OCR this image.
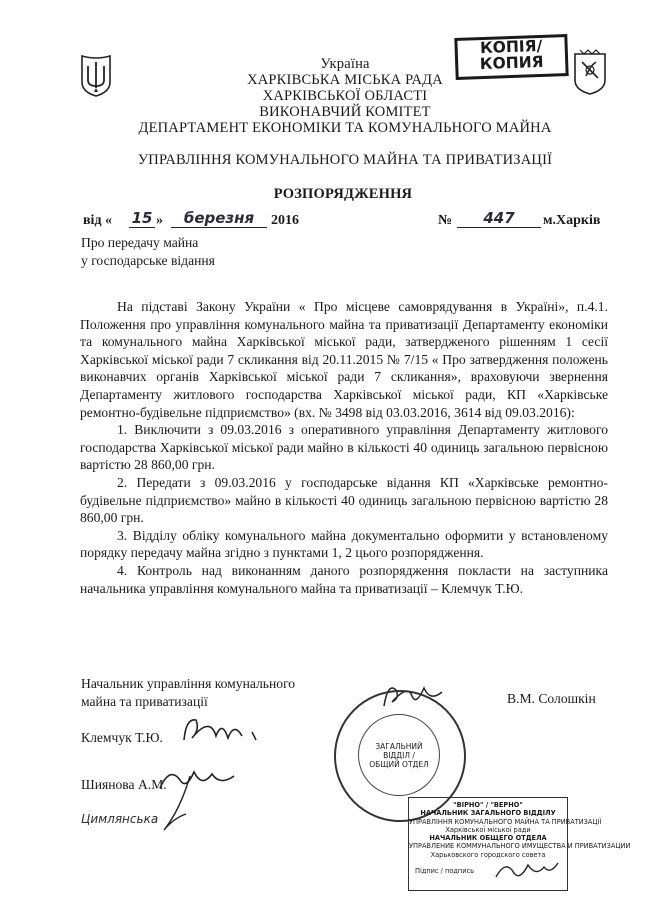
КОПІЯ/
КОПИЯ
Україна
ХАРКІВСЬКА МІСЬКА РАДА
ХАРКІВСЬКОЇ ОБЛАСТІ
ВИКОНАВЧИЙ КОМІТЕТ
ДЕПАРТАМЕНТ ЕКОНОМІКИ ТА КОМУНАЛЬНОГО МАЙНА
УПРАВЛІННЯ КОМУНАЛЬНОГО МАЙНА ТА ПРИВАТИЗАЦІЇ
РОЗПОРЯДЖЕННЯ
від « 15 »	березня	2016	№	447	м.Харків
Про передачу майна
у господарське відання

На підставі Закону України « Про місцеве самоврядування в Україні», п.4.1. Положення про управління комунального майна та приватизації Департаменту економіки та комунального майна Харківської міської ради, затвердженого рішенням 1 сесії Харківської міської ради 7 скликання від 20.11.2015 № 7/15 « Про затвердження положень виконавчих органів Харківської міської ради 7 скликання», враховуючи звернення Департаменту житлового господарства Харківської міської ради, КП «Харківське ремонтно-будівельне підприємство» (вх. № 3498 від 03.03.2016, 3614 від 09.03.2016):

1. Виключити з 09.03.2016 з оперативного управління Департаменту житлового господарства Харківської міської ради майно в кількості 40 одиниць загальною первісною вартістю 28 860,00 грн.

2. Передати з 09.03.2016 у господарське відання КП «Харківське ремонтно-будівельне підприємство» майно в кількості 40 одиниць загальною первісною вартістю 28 860,00 грн.

3. Відділу обліку комунального майна документально оформити у встановленому порядку передачу майна згідно з пунктами 1, 2 цього розпорядження.

4. Контроль над виконанням даного розпорядження покласти на заступника начальника управління комунального майна та приватизації – Клемчук Т.Ю.

Начальник управління комунального
майна та приватизації	В.М. Солошкін
Клемчук Т.Ю.
Шиянова А.М.
Цимлянська
ЗАГАЛЬНИЙ
ВІДДІЛ /
ОБЩИЙ ОТДЕЛ
"ВІРНО" / "ВЕРНО"
НАЧАЛЬНИК ЗАГАЛЬНОГО ВІДДІЛУ
УПРАВЛІННЯ КОМУНАЛЬНОГО МАЙНА ТА ПРИВАТИЗАЦІЇ
Харківської міської ради
НАЧАЛЬНИК ОБЩЕГО ОТДЕЛА
УПРАВЛЕНИЕ КОММУНАЛЬНОГО ИМУЩЕСТВА И ПРИВАТИЗАЦИИ
Харьковского городского совета
Підпис / подпись
